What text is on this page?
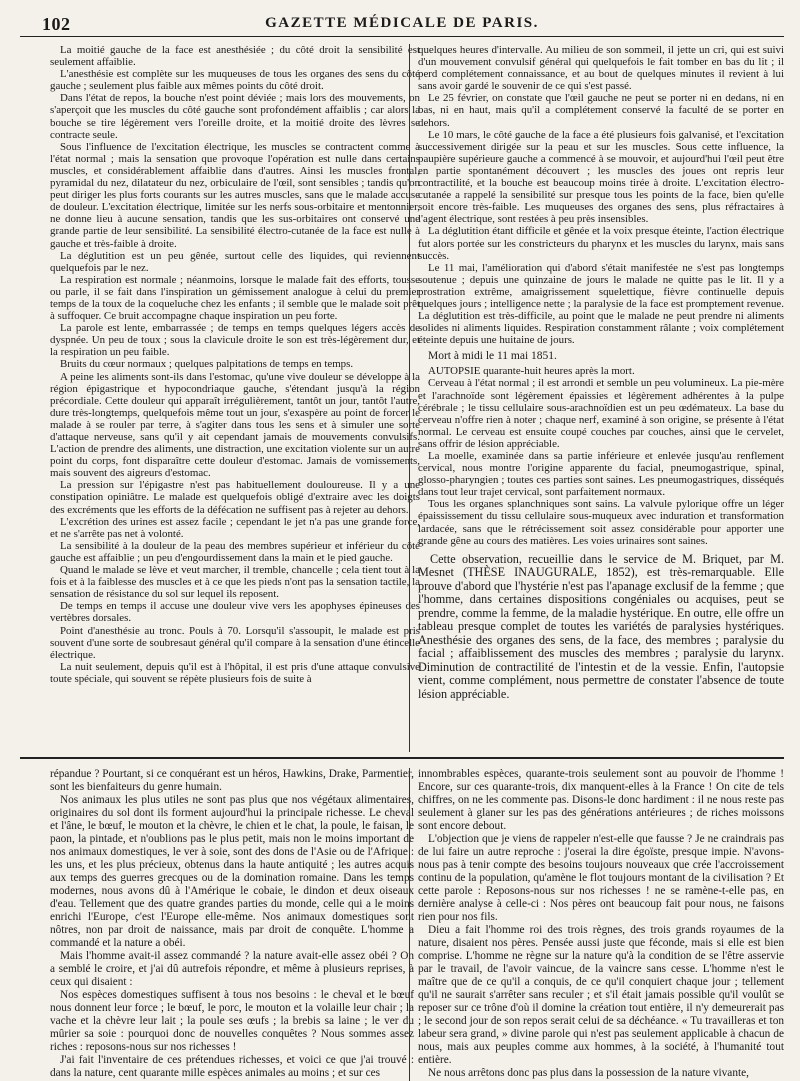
102	GAZETTE MÉDICALE DE PARIS.

La moitié gauche de la face est anesthésiée ; du côté droit la sensibilité est seulement affaiblie.

L'anesthésie est complète sur les muqueuses de tous les organes des sens du côté gauche ; seulement plus faible aux mêmes points du côté droit.

Dans l'état de repos, la bouche n'est point déviée ; mais lors des mouvements, on s'aperçoit que les muscles du côté gauche sont profondément affaiblis ; car alors la bouche se tire légèrement vers l'oreille droite, et la moitié droite des lèvres se contracte seule.

Sous l'influence de l'excitation électrique, les muscles se contractent comme à l'état normal ; mais la sensation que provoque l'opération est nulle dans certains muscles, et considérablement affaiblie dans d'autres. Ainsi les muscles frontal, pyramidal du nez, dilatateur du nez, orbiculaire de l'œil, sont sensibles ; tandis qu'on peut diriger les plus forts courants sur les autres muscles, sans que le malade accuse de douleur. L'excitation électrique, limitée sur les nerfs sous-orbitaire et mentonnier, ne donne lieu à aucune sensation, tandis que les sus-orbitaires ont conservé une grande partie de leur sensibilité. La sensibilité électro-cutanée de la face est nulle à gauche et très-faible à droite.

La déglutition est un peu gênée, surtout celle des liquides, qui reviennent quelquefois par le nez.

La respiration est normale ; néanmoins, lorsque le malade fait des efforts, tousse ou parle, il se fait dans l'inspiration un gémissement analogue à celui du premier temps de la toux de la coqueluche chez les enfants ; il semble que le malade soit prêt à suffoquer. Ce bruit accompagne chaque inspiration un peu forte.

La parole est lente, embarrassée ; de temps en temps quelques légers accès de dyspnée. Un peu de toux ; sous la clavicule droite le son est très-légèrement dur, et la respiration un peu faible.

Bruits du cœur normaux ; quelques palpitations de temps en temps.

A peine les aliments sont-ils dans l'estomac, qu'une vive douleur se développe à la région épigastrique et hypocondriaque gauche, s'étendant jusqu'à la région précordiale. Cette douleur qui apparaît irrégulièrement, tantôt un jour, tantôt l'autre, dure très-longtemps, quelquefois même tout un jour, s'exaspère au point de forcer le malade à se rouler par terre, à s'agiter dans tous les sens et à simuler une sorte d'attaque nerveuse, sans qu'il y ait cependant jamais de mouvements convulsifs. L'action de prendre des aliments, une distraction, une excitation violente sur un autre point du corps, font disparaître cette douleur d'estomac. Jamais de vomissements, mais souvent des aigreurs d'estomac.

La pression sur l'épigastre n'est pas habituellement douloureuse. Il y a une constipation opiniâtre. Le malade est quelquefois obligé d'extraire avec les doigts des excréments que les efforts de la défécation ne suffisent pas à rejeter au dehors.

L'excrétion des urines est assez facile ; cependant le jet n'a pas une grande force, et ne s'arrête pas net à volonté.

La sensibilité à la douleur de la peau des membres supérieur et inférieur du côté gauche est affaiblie ; un peu d'engourdissement dans la main et le pied gauche.

Quand le malade se lève et veut marcher, il tremble, chancelle ; cela tient tout à la fois et à la faiblesse des muscles et à ce que les pieds n'ont pas la sensation tactile, la sensation de résistance du sol sur lequel ils reposent.

De temps en temps il accuse une douleur vive vers les apophyses épineuses des vertèbres dorsales.

Point d'anesthésie au tronc. Pouls à 70. Lorsqu'il s'assoupit, le malade est pris souvent d'une sorte de soubresaut général qu'il compare à la sensation d'une étincelle électrique.

La nuit seulement, depuis qu'il est à l'hôpital, il est pris d'une attaque convulsive toute spéciale, qui souvent se répète plusieurs fois de suite à

quelques heures d'intervalle. Au milieu de son sommeil, il jette un cri, qui est suivi d'un mouvement convulsif général qui quelquefois le fait tomber en bas du lit ; il perd complétement connaissance, et au bout de quelques minutes il revient à lui sans avoir gardé le souvenir de ce qui s'est passé.

Le 25 février, on constate que l'œil gauche ne peut se porter ni en dedans, ni en bas, ni en haut, mais qu'il a complétement conservé la faculté de se porter en dehors.

Le 10 mars, le côté gauche de la face a été plusieurs fois galvanisé, et l'excitation successivement dirigée sur la peau et sur les muscles. Sous cette influence, la paupière supérieure gauche a commencé à se mouvoir, et aujourd'hui l'œil peut être en partie spontanément découvert ; les muscles des joues ont repris leur contractilité, et la bouche est beaucoup moins tirée à droite. L'excitation électro-cutanée a rappelé la sensibilité sur presque tous les points de la face, bien qu'elle soit encore très-faible. Les muqueuses des organes des sens, plus réfractaires à l'agent électrique, sont restées à peu près insensibles.

La déglutition étant difficile et gênée et la voix presque éteinte, l'action électrique fut alors portée sur les constricteurs du pharynx et les muscles du larynx, mais sans succès.

Le 11 mai, l'amélioration qui d'abord s'était manifestée ne s'est pas longtemps soutenue ; depuis une quinzaine de jours le malade ne quitte pas le lit. Il y a prostration extrême, amaigrissement squelettique, fièvre continuelle depuis quelques jours ; intelligence nette ; la paralysie de la face est promptement revenue. La déglutition est très-difficile, au point que le malade ne peut prendre ni aliments solides ni aliments liquides. Respiration constamment râlante ; voix complétement éteinte depuis une huitaine de jours.

Mort à midi le 11 mai 1851.

AUTOPSIE quarante-huit heures après la mort.

Cerveau à l'état normal ; il est arrondi et semble un peu volumineux. La pie-mère et l'arachnoïde sont légèrement épaissies et légèrement adhérentes à la pulpe cérébrale ; le tissu cellulaire sous-arachnoïdien est un peu œdémateux. La base du cerveau n'offre rien à noter ; chaque nerf, examiné à son origine, se présente à l'état normal. Le cerveau est ensuite coupé couches par couches, ainsi que le cervelet, sans offrir de lésion appréciable.

La moelle, examinée dans sa partie inférieure et enlevée jusqu'au renflement cervical, nous montre l'origine apparente du facial, pneumogastrique, spinal, glosso-pharyngien ; toutes ces parties sont saines. Les pneumogastriques, disséqués dans tout leur trajet cervical, sont parfaitement normaux.

Tous les organes splanchniques sont sains. La valvule pylorique offre un léger épaississement du tissu cellulaire sous-muqueux avec induration et transformation lardacée, sans que le rétrécissement soit assez considérable pour apporter une grande gêne au cours des matières. Les voies urinaires sont saines.

Cette observation, recueillie dans le service de M. Briquet, par M. Mesnet (THÈSE INAUGURALE, 1852), est très-remarquable. Elle prouve d'abord que l'hystérie n'est pas l'apanage exclusif de la femme ; que l'homme, dans certaines dispositions congéniales ou acquises, peut se prendre, comme la femme, de la maladie hystérique. En outre, elle offre un tableau presque complet de toutes les variétés de paralysies hystériques. Anesthésie des organes des sens, de la face, des membres ; paralysie du facial ; affaiblissement des muscles des membres ; paralysie du larynx. Diminution de contractilité de l'intestin et de la vessie. Enfin, l'autopsie vient, comme complément, nous permettre de constater l'absence de toute lésion appréciable.

répandue ? Pourtant, si ce conquérant est un héros, Hawkins, Drake, Parmentier, sont les bienfaiteurs du genre humain.

Nos animaux les plus utiles ne sont pas plus que nos végétaux alimentaires, originaires du sol dont ils forment aujourd'hui la principale richesse. Le cheval et l'âne, le bœuf, le mouton et la chèvre, le chien et le chat, la poule, le faisan, le paon, la pintade, et n'oublions pas le plus petit, mais non le moins important de nos animaux domestiques, le ver à soie, sont des dons de l'Asie ou de l'Afrique : les uns, et les plus précieux, obtenus dans la haute antiquité ; les autres acquis aux temps des guerres grecques ou de la domination romaine. Dans les temps modernes, nous avons dû à l'Amérique le cobaie, le dindon et deux oiseaux d'eau. Tellement que des quatre grandes parties du monde, celle qui a le moins enrichi l'Europe, c'est l'Europe elle-même. Nos animaux domestiques sont nôtres, non par droit de naissance, mais par droit de conquête. L'homme a commandé et la nature a obéi.

Mais l'homme avait-il assez commandé ? la nature avait-elle assez obéi ? On a semblé le croire, et j'ai dû autrefois répondre, et même à plusieurs reprises, à ceux qui disaient :

Nos espèces domestiques suffisent à tous nos besoins : le cheval et le bœuf nous donnent leur force ; le bœuf, le porc, le mouton et la volaille leur chair ; la vache et la chèvre leur lait ; la poule ses œufs ; la brebis sa laine ; le ver du mûrier sa soie : pourquoi donc de nouvelles conquêtes ? Nous sommes assez riches : reposons-nous sur nos richesses !

J'ai fait l'inventaire de ces prétendues richesses, et voici ce que j'ai trouvé : dans la nature, cent quarante mille espèces animales au moins ; et sur ces

innombrables espèces, quarante-trois seulement sont au pouvoir de l'homme ! Encore, sur ces quarante-trois, dix manquent-elles à la France ! On cite de tels chiffres, on ne les commente pas. Disons-le donc hardiment : il ne nous reste pas seulement à glaner sur les pas des générations antérieures ; de riches moissons sont encore debout.

L'objection que je viens de rappeler n'est-elle que fausse ? Je ne craindrais pas de lui faire un autre reproche : j'oserai la dire égoïste, presque impie. N'avons-nous pas à tenir compte des besoins toujours nouveaux que crée l'accroissement continu de la population, qu'amène le flot toujours montant de la civilisation ? Et cette parole : Reposons-nous sur nos richesses ! ne se ramène-t-elle pas, en dernière analyse à celle-ci : Nos pères ont beaucoup fait pour nous, ne faisons rien pour nos fils.

Dieu a fait l'homme roi des trois règnes, des trois grands royaumes de la nature, disaient nos pères. Pensée aussi juste que féconde, mais si elle est bien comprise. L'homme ne règne sur la nature qu'à la condition de se l'être asservie par le travail, de l'avoir vaincue, de la vaincre sans cesse. L'homme n'est le maître que de ce qu'il a conquis, de ce qu'il conquiert chaque jour ; tellement qu'il ne saurait s'arrêter sans reculer ; et s'il était jamais possible qu'il voulût se reposer sur ce trône d'où il domine la création tout entière, il n'y demeurerait pas ; le second jour de son repos serait celui de sa déchéance. « Tu travailleras et ton labeur sera grand, » divine parole qui n'est pas seulement applicable à chacun de nous, mais aux peuples comme aux hommes, à la société, à l'humanité tout entière.

Ne nous arrêtons donc pas plus dans la possession de la nature vivante,
